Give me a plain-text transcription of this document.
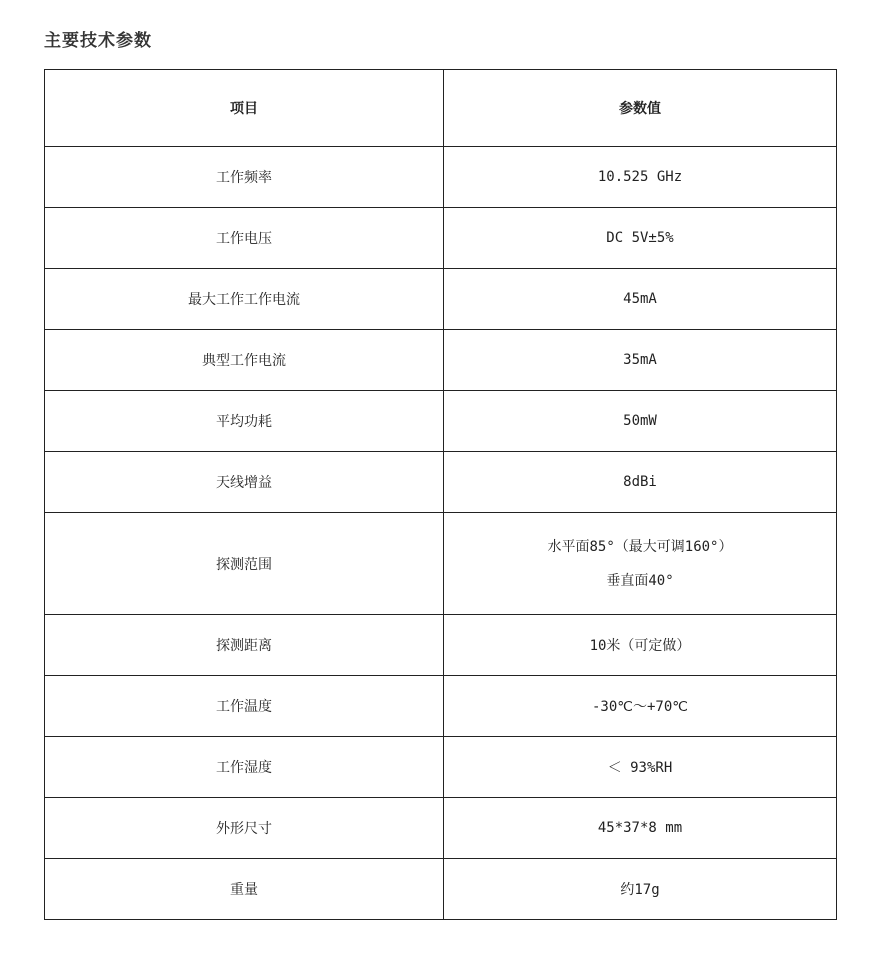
主要技术参数
项目	参数值
工作频率	10.525 GHz
工作电压	DC 5V±5%
最大工作工作电流	45mA
典型工作电流	35mA
平均功耗	50mW
天线增益	8dBi
探测范围	水平面85°（最大可调160°）
垂直面40°

探测距离	10米（可定做）
工作温度	-30℃～+70℃
工作湿度	＜ 93%RH
外形尺寸	45*37*8 mm
重量	约17g
